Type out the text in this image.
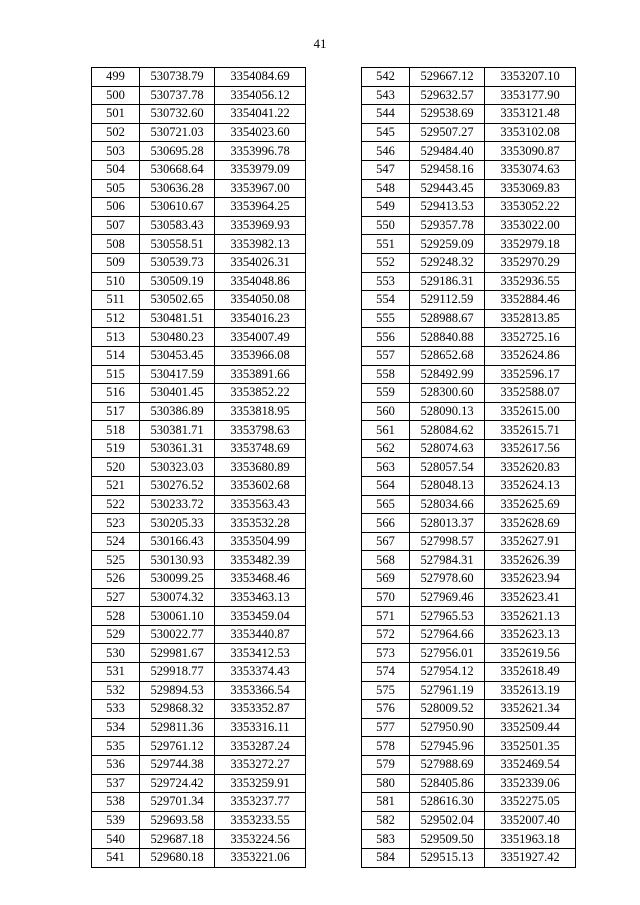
41
499	530738.79	3354084.69
500	530737.78	3354056.12
501	530732.60	3354041.22
502	530721.03	3354023.60
503	530695.28	3353996.78
504	530668.64	3353979.09
505	530636.28	3353967.00
506	530610.67	3353964.25
507	530583.43	3353969.93
508	530558.51	3353982.13
509	530539.73	3354026.31
510	530509.19	3354048.86
511	530502.65	3354050.08
512	530481.51	3354016.23
513	530480.23	3354007.49
514	530453.45	3353966.08
515	530417.59	3353891.66
516	530401.45	3353852.22
517	530386.89	3353818.95
518	530381.71	3353798.63
519	530361.31	3353748.69
520	530323.03	3353680.89
521	530276.52	3353602.68
522	530233.72	3353563.43
523	530205.33	3353532.28
524	530166.43	3353504.99
525	530130.93	3353482.39
526	530099.25	3353468.46
527	530074.32	3353463.13
528	530061.10	3353459.04
529	530022.77	3353440.87
530	529981.67	3353412.53
531	529918.77	3353374.43
532	529894.53	3353366.54
533	529868.32	3353352.87
534	529811.36	3353316.11
535	529761.12	3353287.24
536	529744.38	3353272.27
537	529724.42	3353259.91
538	529701.34	3353237.77
539	529693.58	3353233.55
540	529687.18	3353224.56
541	529680.18	3353221.06
542	529667.12	3353207.10
543	529632.57	3353177.90
544	529538.69	3353121.48
545	529507.27	3353102.08
546	529484.40	3353090.87
547	529458.16	3353074.63
548	529443.45	3353069.83
549	529413.53	3353052.22
550	529357.78	3353022.00
551	529259.09	3352979.18
552	529248.32	3352970.29
553	529186.31	3352936.55
554	529112.59	3352884.46
555	528988.67	3352813.85
556	528840.88	3352725.16
557	528652.68	3352624.86
558	528492.99	3352596.17
559	528300.60	3352588.07
560	528090.13	3352615.00
561	528084.62	3352615.71
562	528074.63	3352617.56
563	528057.54	3352620.83
564	528048.13	3352624.13
565	528034.66	3352625.69
566	528013.37	3352628.69
567	527998.57	3352627.91
568	527984.31	3352626.39
569	527978.60	3352623.94
570	527969.46	3352623.41
571	527965.53	3352621.13
572	527964.66	3352623.13
573	527956.01	3352619.56
574	527954.12	3352618.49
575	527961.19	3352613.19
576	528009.52	3352621.34
577	527950.90	3352509.44
578	527945.96	3352501.35
579	527988.69	3352469.54
580	528405.86	3352339.06
581	528616.30	3352275.05
582	529502.04	3352007.40
583	529509.50	3351963.18
584	529515.13	3351927.42
